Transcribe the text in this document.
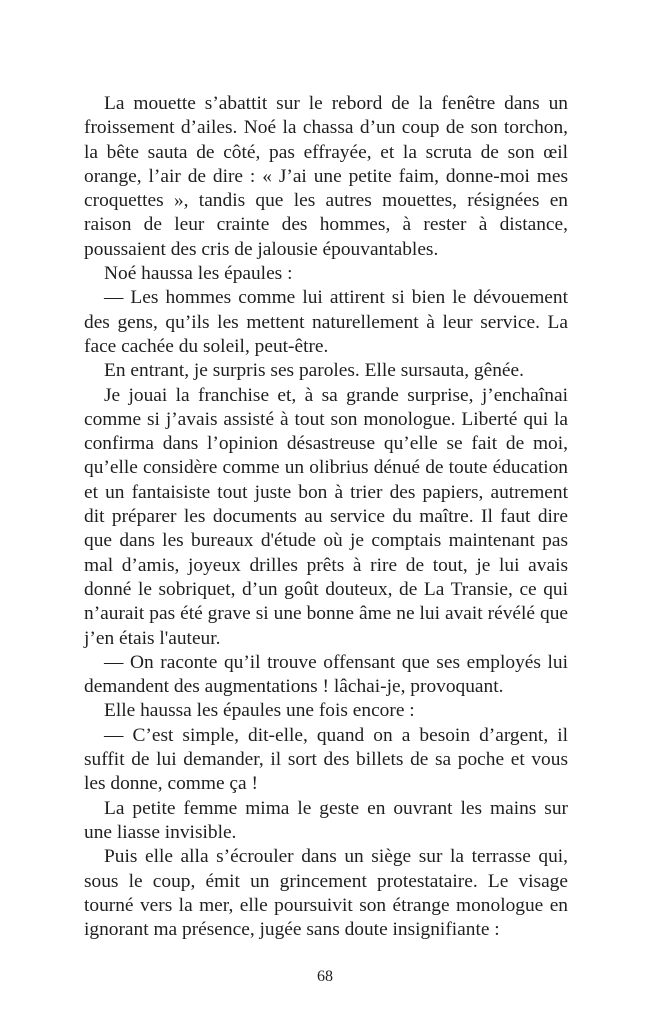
La mouette s’abattit sur le rebord de la fenêtre dans un froissement d’ailes. Noé la chassa d’un coup de son torchon, la bête sauta de côté, pas effrayée, et la scruta de son œil orange, l’air de dire : « J’ai une petite faim, donne-moi mes croquettes », tandis que les autres mouettes, résignées en raison de leur crainte des hommes, à rester à distance, poussaient des cris de jalousie épouvantables.

Noé haussa les épaules :

— Les hommes comme lui attirent si bien le dévouement des gens, qu’ils les mettent naturellement à leur service. La face cachée du soleil, peut-être.

En entrant, je surpris ses paroles. Elle sursauta, gênée.

Je jouai la franchise et, à sa grande surprise, j’enchaînai comme si j’avais assisté à tout son monologue. Liberté qui la confirma dans l’opinion désastreuse qu’elle se fait de moi, qu’elle considère comme un olibrius dénué de toute éducation et un fantaisiste tout juste bon à trier des papiers, autrement dit préparer les documents au service du maître. Il faut dire que dans les bureaux d'étude où je comptais maintenant pas mal d’amis, joyeux drilles prêts à rire de tout, je lui avais donné le sobriquet, d’un goût douteux, de La Transie, ce qui n’aurait pas été grave si une bonne âme ne lui avait révélé que j’en étais l'auteur.

— On raconte qu’il trouve offensant que ses employés lui demandent des augmentations ! lâchai-je, provoquant.

Elle haussa les épaules une fois encore :

— C’est simple, dit-elle, quand on a besoin d’argent, il suffit de lui demander, il sort des billets de sa poche et vous les donne, comme ça !

La petite femme mima le geste en ouvrant les mains sur une liasse invisible.

Puis elle alla s’écrouler dans un siège sur la terrasse qui, sous le coup, émit un grincement protestataire. Le visage tourné vers la mer, elle poursuivit son étrange monologue en ignorant ma présence, jugée sans doute insignifiante :

68
